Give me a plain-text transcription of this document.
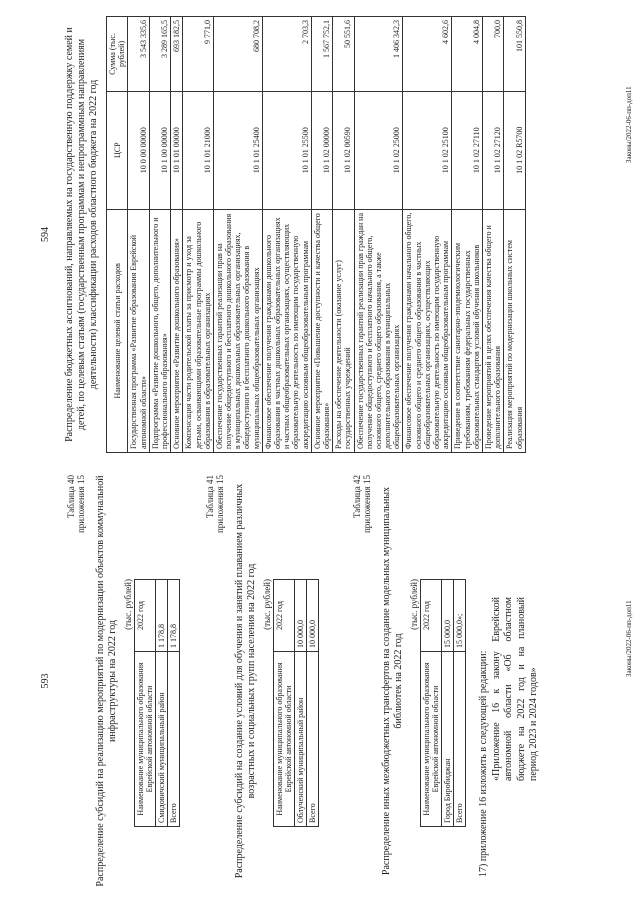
593
Таблица 40 приложения 15 Распределение субсидий на реализацию мероприятий по модернизации объектов коммунальной инфраструктуры на 2022 год
(тыс. рублей)
Наименование муниципального образования Еврейской автономной области	2022 год
Смидовичский муниципальный район	1 178,8
Всего	1 178,8
Таблица 41 приложения 15 Распределение субсидий на создание условий для обучения и занятий плаванием различных возрастных и социальных групп населения на 2022 год (тыс. рублей)
Наименование муниципального образования Еврейской автономной области	2022 год
Облученский муниципальный район	10 000,0
Всего	10 000,0
Таблица 42 приложения 15 Распределение иных межбюджетных трансфертов на создание модельных муниципальных библиотек на 2022 год
(тыс. рублей)
Наименование муниципального образования Еврейской автономной области	2022 год
Город Биробиджан	15 000,0
Всего	15 000,0»;
17) приложение 16 изложить в следующей редакции: «Приложение 16 к закону Еврейской автономной области «Об областном бюджете на 2022 год и на плановый период 2023 и 2024 годов»
Законы/2022-06-пп-доп11
594 Распределение бюджетных ассигнований, направляемых на государственную поддержку семей и детей, по целевым статьям (государственным программам и непрограммным направлениям деятельности) классификации расходов областного бюджета на 2022 год Наименование целевой статьи расходов	ЦСР	Сумма (тыс. рублей)
Государственная программа «Развитие образования Еврейской автономной области»	10 0 00 00000	3 543 335,6
Подпрограмма «Развитие дошкольного, общего, дополнительного и профессионального образования»	10 1 00 00000	3 289 165,5
Основное мероприятие «Развитие дошкольного образования»	10 1 01 00000	693 182,5
Компенсация части родительской платы за присмотр и уход за детьми, осваивающими образовательные программы дошкольного образования в образовательных организациях	10 1 01 21000	9 771,0
Обеспечение государственных гарантий реализации прав на получение общедоступного и бесплатного дошкольного образования в муниципальных дошкольных образовательных организациях, общедоступного и бесплатного дошкольного образования в муниципальных общеобразовательных организациях	10 1 01 25400	680 708,2
Финансовое обеспечение получения гражданами дошкольного образования в частных дошкольных образовательных организациях и частных общеобразовательных организациях, осуществляющих образовательную деятельность по имеющим государственную аккредитацию основным общеобразовательным программам	10 1 01 25500	2 703,3
Основное мероприятие «Повышение доступности и качества общего образования»	10 1 02 00000	1 567 752,1
Расходы на обеспечение деятельности (оказание услуг) государственных учреждений	10 1 02 00590	50 551,6
Обеспечение государственных гарантий реализации прав граждан на получение общедоступного и бесплатного начального общего, основного общего, среднего общего образования, а также дополнительного образования в муниципальных общеобразовательных организациях	10 1 02 25000	1 406 342,3
Финансовое обеспечение получения гражданами начального общего, основного общего и среднего общего образования в частных общеобразовательных организациях, осуществляющих образовательную деятельность по имеющим государственную аккредитацию основным общеобразовательным программам	10 1 02 25100	4 602,6
Приведение в соответствие санитарно-эпидемиологическим требованиям, требованиям федеральных государственных образовательных стандартов условий обучения школьников	10 1 02 27110	4 004,8
Проведение мероприятий в целях обеспечения качества общего и дополнительного образования	10 1 02 27120	700,0
Реализация мероприятий по модернизации школьных систем образования	10 1 02 R5700	101 550,8
Законы/2022-06-пп-доп11
